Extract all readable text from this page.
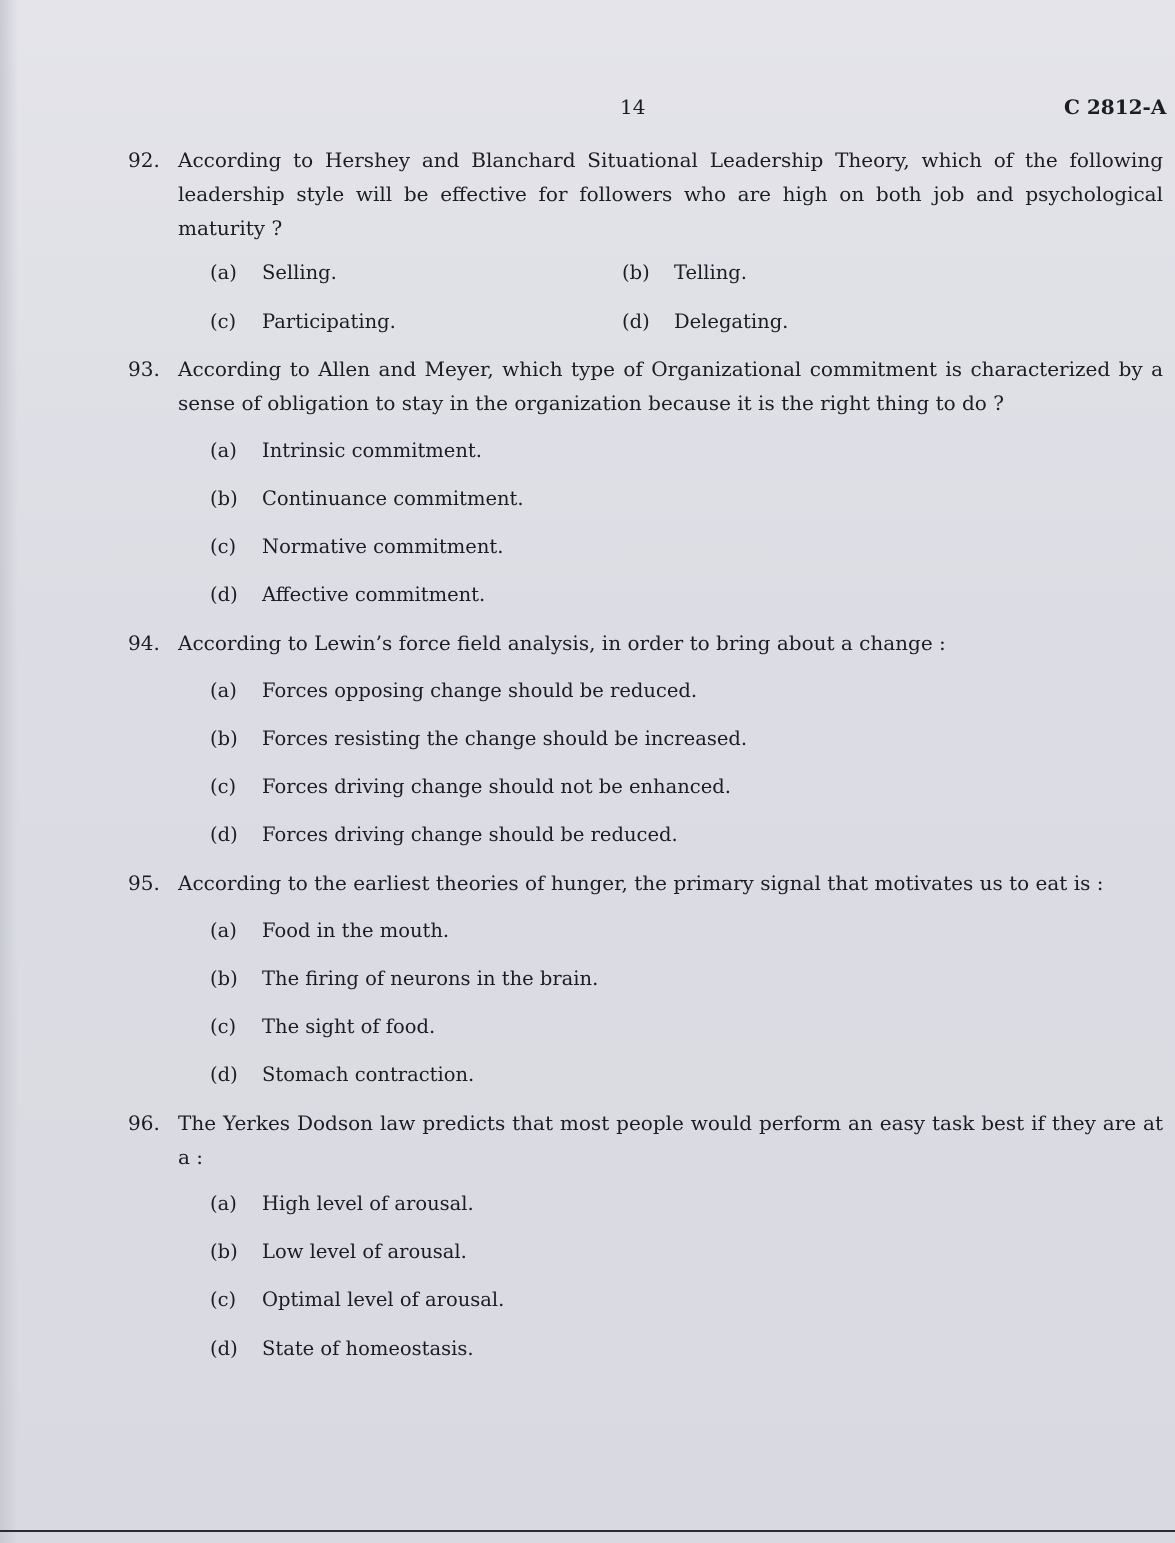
14	C 2812-A
92. According to Hershey and Blanchard Situational Leadership Theory, which of the following leadership style will be effective for followers who are high on both job and psychological maturity ?
(a) Selling.	(b) Telling.
(c) Participating.	(d) Delegating.
93. According to Allen and Meyer, which type of Organizational commitment is characterized by a sense of obligation to stay in the organization because it is the right thing to do ?
(a) Intrinsic commitment.
(b) Continuance commitment.
(c) Normative commitment.
(d) Affective commitment.
94. According to Lewin’s force field analysis, in order to bring about a change :
(a) Forces opposing change should be reduced.
(b) Forces resisting the change should be increased.
(c) Forces driving change should not be enhanced.
(d) Forces driving change should be reduced.
95. According to the earliest theories of hunger, the primary signal that motivates us to eat is :
(a) Food in the mouth.
(b) The firing of neurons in the brain.
(c) The sight of food.
(d) Stomach contraction.
96. The Yerkes Dodson law predicts that most people would perform an easy task best if they are at a :
(a) High level of arousal.
(b) Low level of arousal.
(c) Optimal level of arousal.
(d) State of homeostasis.
